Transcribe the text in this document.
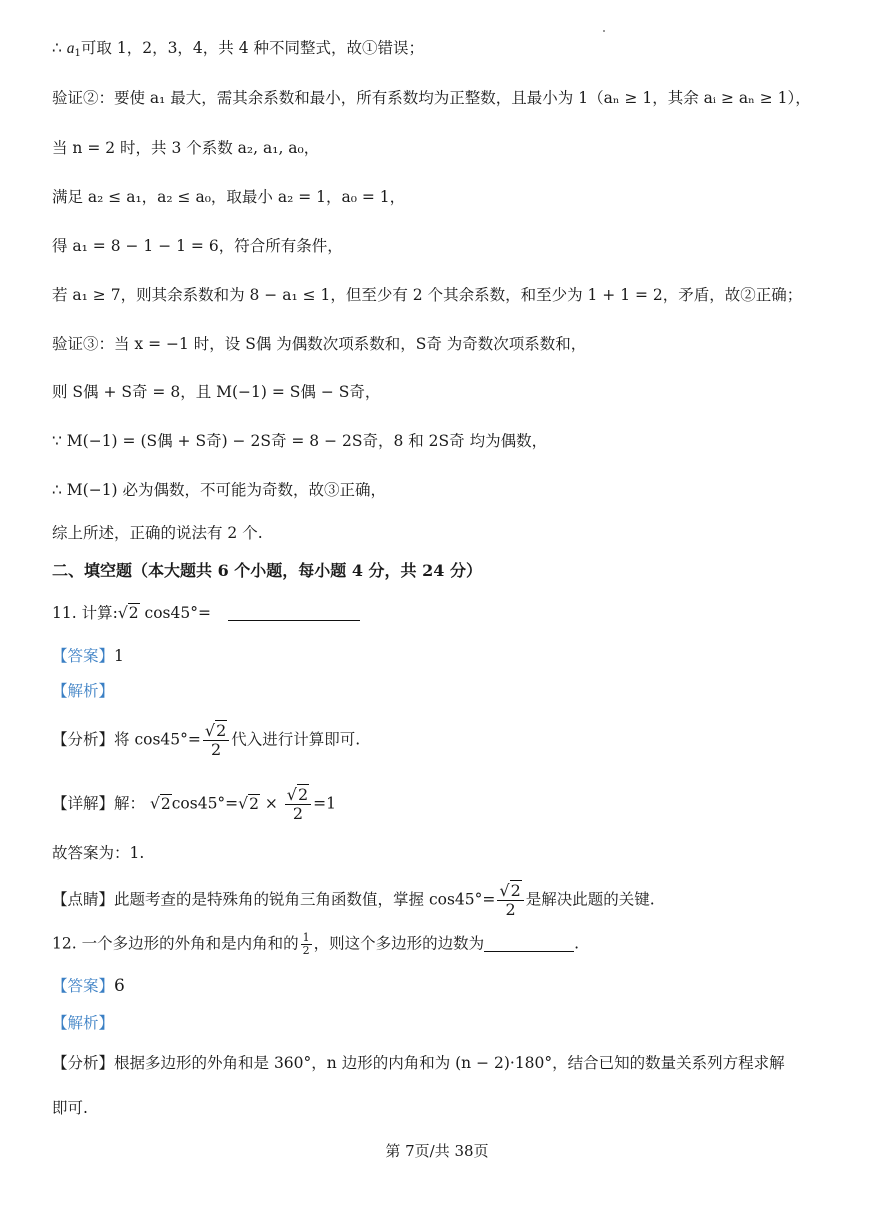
∴ $a_1$可取 1，2，3，4，共 4 种不同整式，故①错误；
验证②：要使 a₁ 最大，需其余系数和最小，所有系数均为正整数，且最小为 1（aₙ ≥ 1，其余 aᵢ ≥ aₙ ≥ 1），
当 n = 2 时，共 3 个系数 a₂, a₁, a₀，
满足 a₂ ≤ a₁，a₂ ≤ a₀，取最小 a₂ = 1，a₀ = 1，
得 a₁ = 8 − 1 − 1 = 6，符合所有条件，
若 a₁ ≥ 7，则其余系数和为 8 − a₁ ≤ 1，但至少有 2 个其余系数，和至少为 1 + 1 = 2，矛盾，故②正确；
验证③：当 x = −1 时，设 S偶 为偶数次项系数和，S奇 为奇数次项系数和，
则 S偶 + S奇 = 8，且 M(−1) = S偶 − S奇，
∵ M(−1) = (S偶 + S奇) − 2S奇 = 8 − 2S奇，8 和 2S奇 均为偶数，
∴ M(−1) 必为偶数，不可能为奇数，故③正确，
综上所述，正确的说法有 2 个.
二、填空题（本大题共 6 个小题，每小题 4 分，共 24 分）
11. 计算:√2 cos45°=
【答案】1
【解析】
【分析】将 $\cos 45^\circ= \frac{√2}{2}$ 代入进行计算即可.
【详解】解： $√2\cos 45^\circ=√2 \times \frac{√2}{2} =1$
故答案为：1.
【点睛】此题考查的是特殊角的锐角三角函数值，掌握 $\cos 45^\circ= \frac{√2}{2}$ 是解决此题的关键.
12. 一个多边形的外角和是内角和的 $\frac{1}{2}$ ，则这个多边形的边数为	.
【答案】6
【解析】
【分析】根据多边形的外角和是 360°，n 边形的内角和为 (n − 2)·180°，结合已知的数量关系列方程求解
即可.
第 7页/共 38页
